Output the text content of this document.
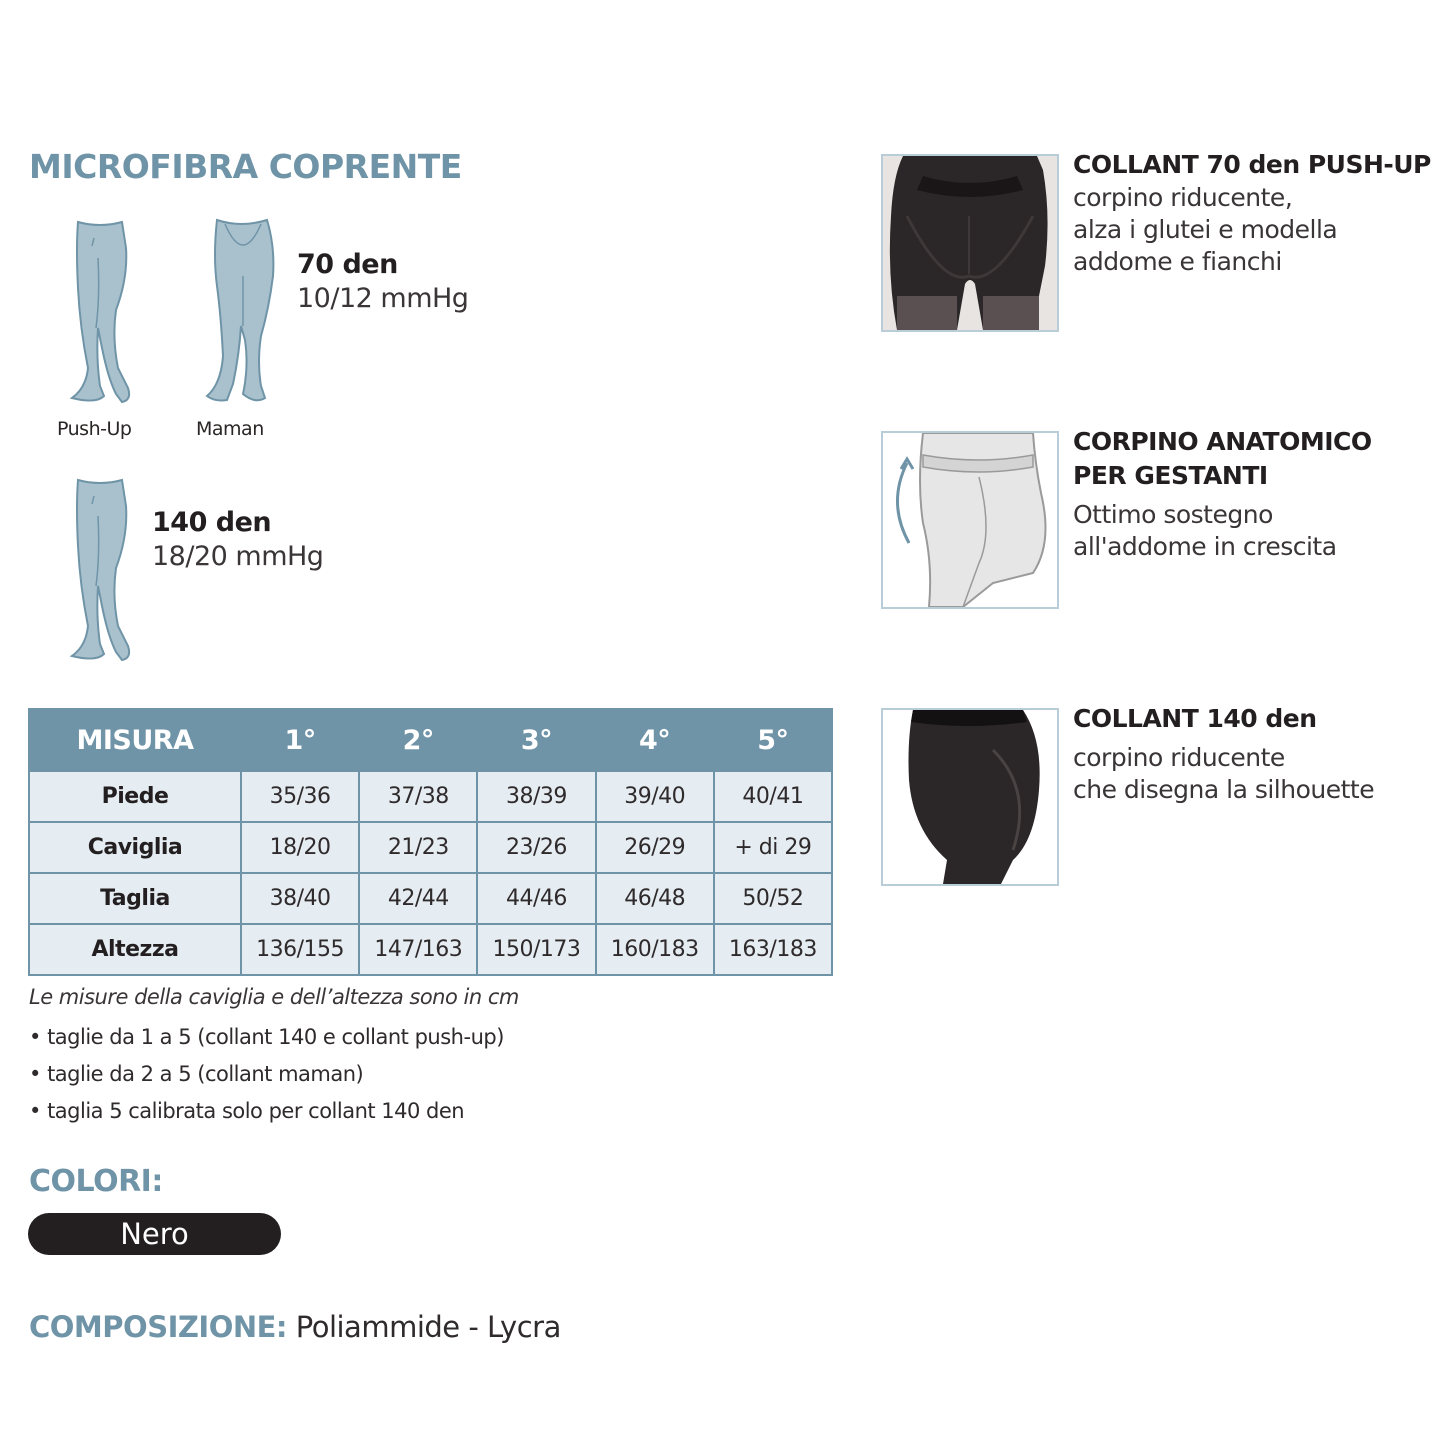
MICROFIBRA COPRENTE
Push-Up	Maman
70 den
10/12 mmHg
140 den
18/20 mmHg
MISURA	1°	2°	3°	4°	5°
Piede	35/36	37/38	38/39	39/40	40/41
Caviglia	18/20	21/23	23/26	26/29	+ di 29
Taglia	38/40	42/44	44/46	46/48	50/52
Altezza	136/155	147/163	150/173	160/183	163/183
Le misure della caviglia e dell’altezza sono in cm
• taglie da 1 a 5 (collant 140 e collant push-up)
• taglie da 2 a 5 (collant maman)
• taglia 5 calibrata solo per collant 140 den
COLORI:
Nero
COMPOSIZIONE: Poliammide - Lycra
COLLANT 70 den PUSH-UP
corpino riducente,
alza i glutei e modella
addome e fianchi
CORPINO ANATOMICO
PER GESTANTI
Ottimo sostegno
all'addome in crescita
COLLANT 140 den
corpino riducente
che disegna la silhouette
